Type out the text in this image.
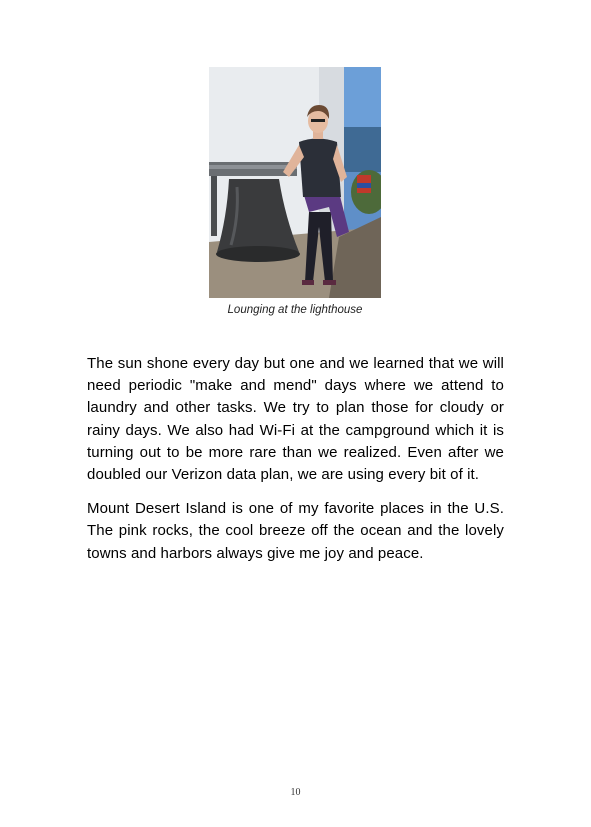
Lounging at the lighthouse

The sun shone every day but one and we learned that we will need periodic "make and mend" days where we attend to laundry and other tasks. We try to plan those for cloudy or rainy days. We also had Wi-Fi at the campground which it is turning out to be more rare than we realized. Even after we doubled our Verizon data plan, we are using every bit of it.

Mount Desert Island is one of my favorite places in the U.S. The pink rocks, the cool breeze off the ocean and the lovely towns and harbors always give me joy and peace.

10
